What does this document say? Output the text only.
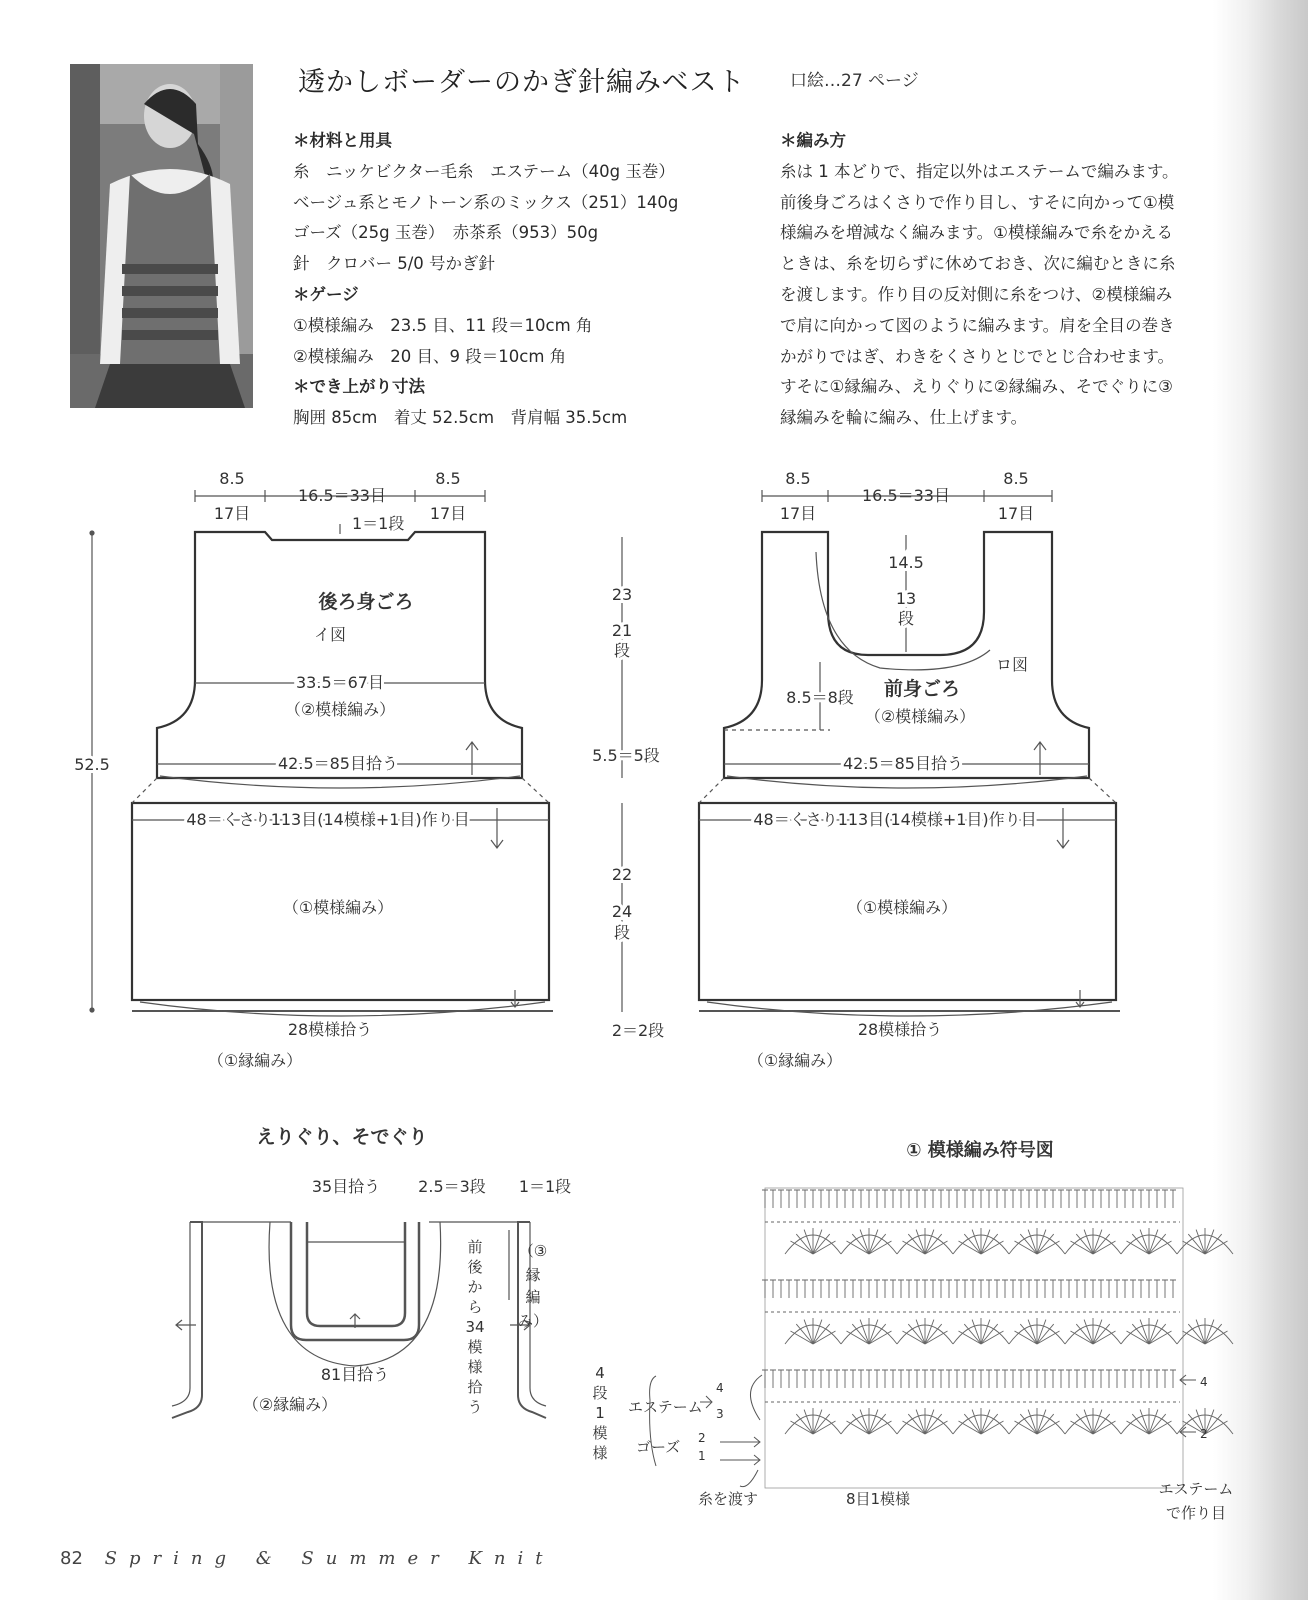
透かしボーダーのかぎ針編みベスト	口絵…27 ページ
＊材料と用具
糸　ニッケビクター毛糸　エステーム（40g 玉巻）
ベージュ系とモノトーン系のミックス（251）140g
ゴーズ（25g 玉巻）　赤茶系（953）50g
針　クロバー 5/0 号かぎ針
＊ゲージ
①模様編み　23.5 目、11 段＝10cm 角
②模様編み　20 目、9 段＝10cm 角
＊でき上がり寸法
胸囲 85cm　着丈 52.5cm　背肩幅 35.5cm

＊編み方

糸は 1 本どりで、指定以外はエステームで編みます。

前後身ごろはくさりで作り目し、すそに向かって①模

様編みを増減なく編みます。①模様編みで糸をかえる

ときは、糸を切らずに休めておき、次に編むときに糸

を渡します。作り目の反対側に糸をつけ、②模様編み

で肩に向かって図のように編みます。肩を全目の巻き

かがりではぎ、わきをくさりとじでとじ合わせます。

すそに①縁編み、えりぐりに②縁編み、そでぐりに③

縁編みを輪に編み、仕上げます。

8.5
17目
16.5＝33目
8.5
17目
1＝1段
後ろ身ごろ
イ図
33.5＝67目
（②模様編み）
42.5＝85目拾う
48＝くさり113目(14模様+1目)作り目
（①模様編み）
28模様拾う
（①縁編み）
52.5
23
21
段
5.5＝5段
22
24
段
2＝2段
8.5
17目
16.5＝33目
8.5
17目
14.5
13
段
8.5＝8段
ロ図
前身ごろ
（②模様編み）
42.5＝85目拾う
48＝くさり113目(14模様+1目)作り目
（①模様編み）
28模様拾う
（①縁編み）
えりぐり、そでぐり
35目拾う 2.5＝3段 1＝1段
81目拾う
（②縁編み）
前
後
か
ら
34
模
様
拾
う
（③
縁
編
み）
① 模様編み符号図
4
段
1
模
様
エステーム
ゴーズ
4
3
2
1
4
2
糸を渡す	8目1模様
エステーム
で作り目
82 Spring & Summer Knit
